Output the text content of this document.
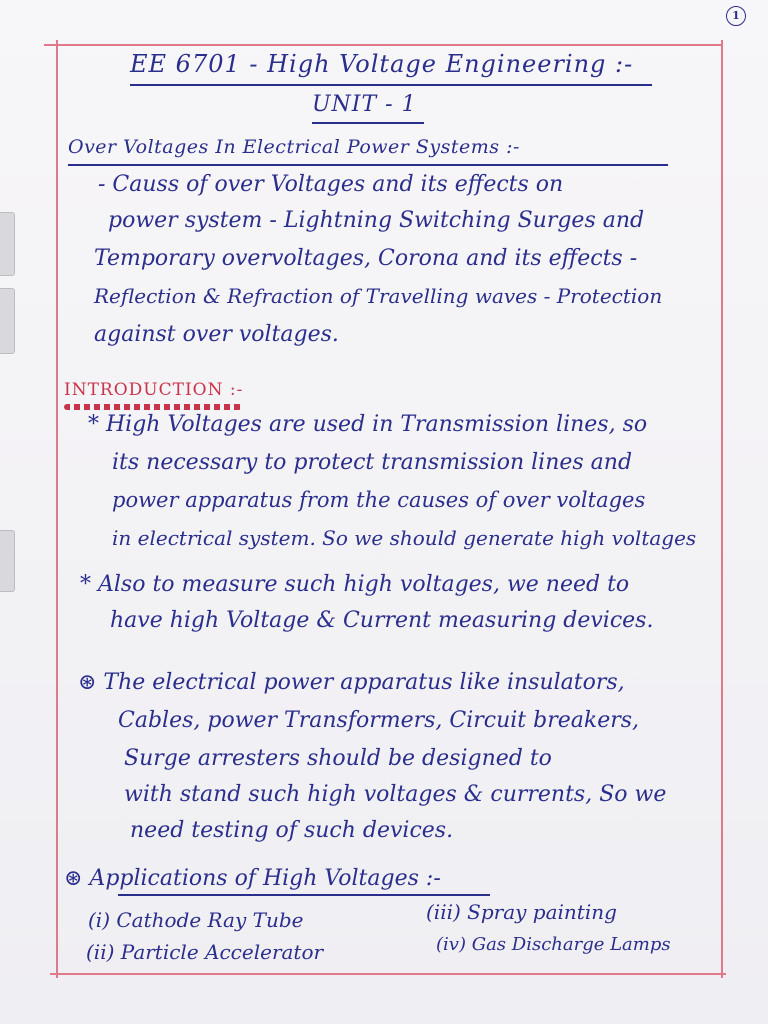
1
EE 6701 - High Voltage Engineering :-
UNIT - 1
Over Voltages In Electrical Power Systems :-
- Causs of over Voltages and its effects on
power system - Lightning Switching Surges and
Temporary overvoltages, Corona and its effects -
Reflection & Refraction of Travelling waves - Protection
against over voltages.
INTRODUCTION :-
* High Voltages are used in Transmission lines, so
its necessary to protect transmission lines and
power apparatus from the causes of over voltages
in electrical system. So we should generate high voltages
* Also to measure such high voltages, we need to
have high Voltage & Current measuring devices.
⊛ The electrical power apparatus like insulators,
Cables, power Transformers, Circuit breakers,
Surge arresters should be designed to
with stand such high voltages & currents, So we
need testing of such devices.
⊛ Applications of High Voltages :-
(i) Cathode Ray Tube	(iii) Spray painting
(ii) Particle Accelerator	(iv) Gas Discharge Lamps
